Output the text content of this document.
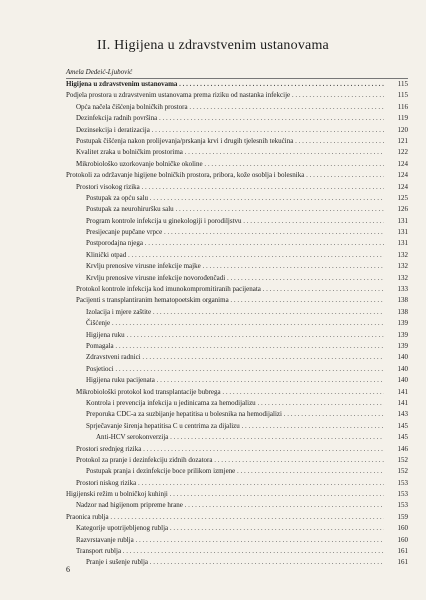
II. Higijena u zdravstvenim ustanovama
Amela Dedeić-Ljubović
Higijena u zdravstvenim ustanovama . . .	115
Podjela prostora u zdravstvenim ustanovama prema riziku od nastanka infekcije . . .	115
Opća načela čišćenja bolničkih prostora . . .	116
Dezinfekcija radnih površina . . .	119
Dezinsekcija i deratizacija . . .	120
Postupak čišćenja nakon prolijevanja/prskanja krvi i drugih tjelesnih tekućina . . .	121
Kvalitet zraka u bolničkim prostorima . . .	122
Mikrobiološko uzorkovanje bolničke okoline . . .	124
Protokoli za održavanje higijene bolničkih prostora, pribora, kože osoblja i bolesnika . . .	124
Prostori visokog rizika . . .	124
Postupak za opću salu . . .	125
Postupak za neurohiruršku salu . . .	126
Program kontrole infekcija u ginekologiji i porodilјstvu . . .	131
Presijecanje pupčane vrpce . . .	131
Postporodajna njega . . .	131
Klinički otpad . . .	132
Krvlju prenosive virusne infekcije majke . . .	132
Krvlju prenosive virusne infekcije novorođenčadi . . .	132
Protokol kontrole infekcija kod imunokompromitiranih pacijenata . . .	133
Pacijenti s transplantiranim hematopoetskim organima . . .	138
Izolacija i mjere zaštite . . .	138
Čišćenje . . .	139
Higijena ruku . . .	139
Pomagala . . .	139
Zdravstveni radnici . . .	140
Posjetioci . . .	140
Higijena ruku pacijenata . . .	140
Mikrobiološki protokol kod transplantacije bubrega . . .	141
Kontrola i prevencija infekcija u jedinicama za hemodijalizu . . .	141
Preporuka CDC-a za suzbijanje hepatitisa u bolesnika na hemodijalizi . . .	143
Sprječavanje širenja hepatitisa C u centrima za dijalizu . . .	145
Anti-HCV serokonverzija . . .	145
Prostori srednjeg rizika . . .	146
Protokol za pranje i dezinfekciju zidnih dozatora . . .	152
Postupak pranja i dezinfekcije boce prilikom izmjene . . .	152
Prostori niskog rizika . . .	153
Higijenski režim u bolničkoj kuhinji . . .	153
Nadzor nad higijenom pripreme hrane . . .	153
Praonica rublja . . .	159
Kategorije upotrijebljenog rublja . . .	160
Razvrstavanje rublja . . .	160
Transport rublja . . .	161
Pranje i sušenje rublja . . .	161
6
